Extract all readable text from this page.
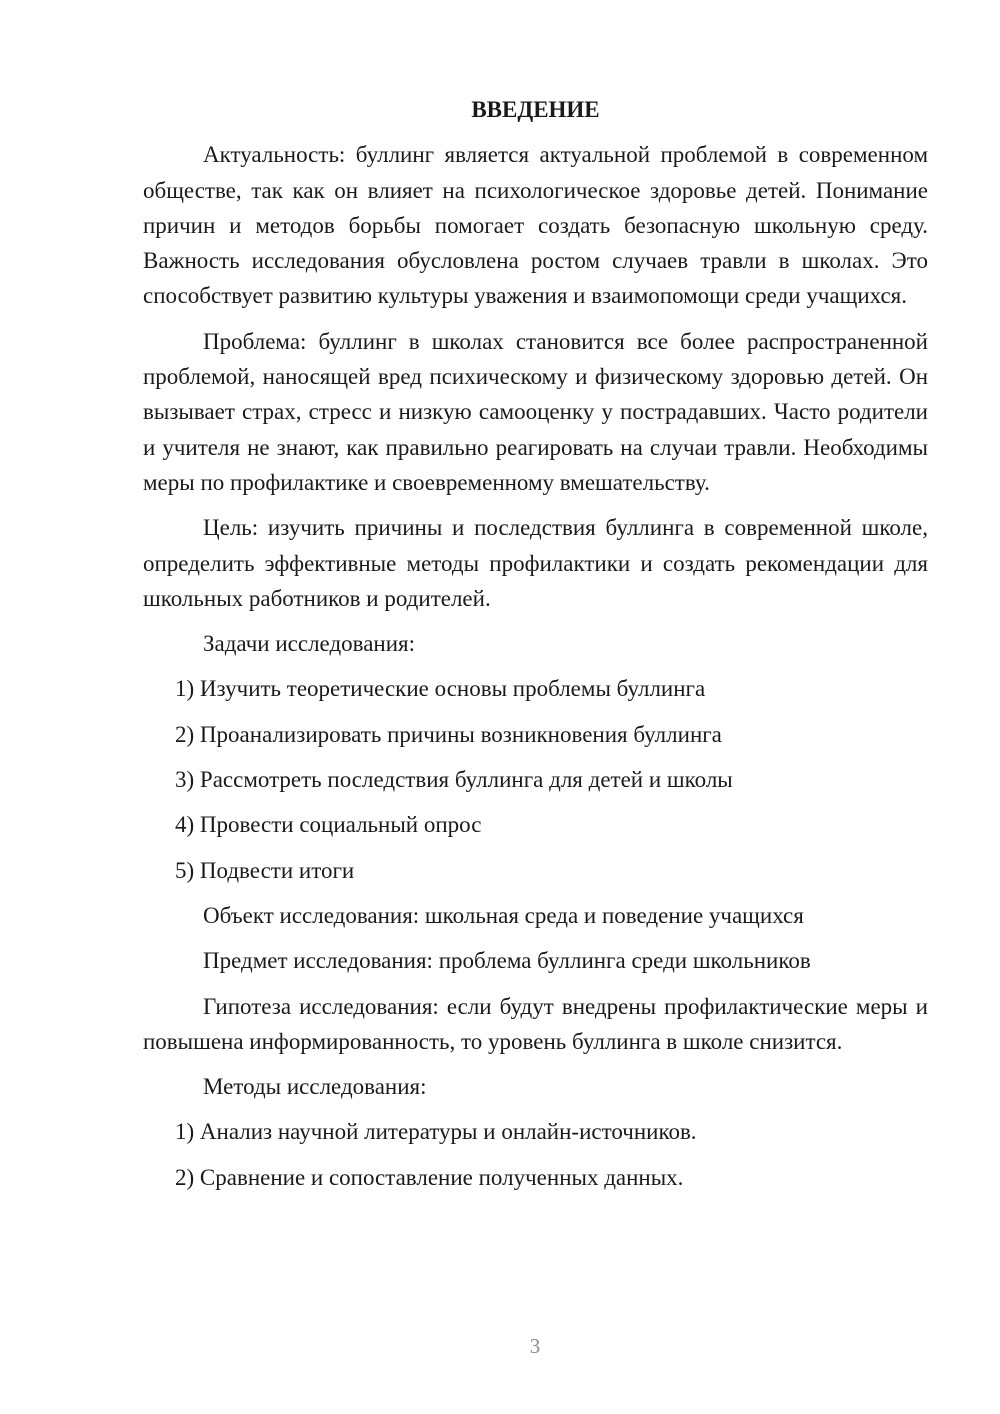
ВВЕДЕНИЕ

Актуальность: буллинг является актуальной проблемой в современном обществе, так как он влияет на психологическое здоровье детей. Понимание причин и методов борьбы помогает создать безопасную школьную среду. Важность исследования обусловлена ростом случаев травли в школах. Это способствует развитию культуры уважения и взаимопомощи среди учащихся.

Проблема: буллинг в школах становится все более распространенной проблемой, наносящей вред психическому и физическому здоровью детей. Он вызывает страх, стресс и низкую самооценку у пострадавших. Часто родители и учителя не знают, как правильно реагировать на случаи травли. Необходимы меры по профилактике и своевременному вмешательству.

Цель: изучить причины и последствия буллинга в современной школе, определить эффективные методы профилактики и создать рекомендации для школьных работников и родителей.

Задачи исследования:

1) Изучить теоретические основы проблемы буллинга

2) Проанализировать причины возникновения буллинга

3) Рассмотреть последствия буллинга для детей и школы

4) Провести социальный опрос

5) Подвести итоги

Объект исследования: школьная среда и поведение учащихся

Предмет исследования: проблема буллинга среди школьников

Гипотеза исследования: если будут внедрены профилактические меры и повышена информированность, то уровень буллинга в школе снизится.

Методы исследования:

1) Анализ научной литературы и онлайн-источников.

2) Сравнение и сопоставление полученных данных.

3
